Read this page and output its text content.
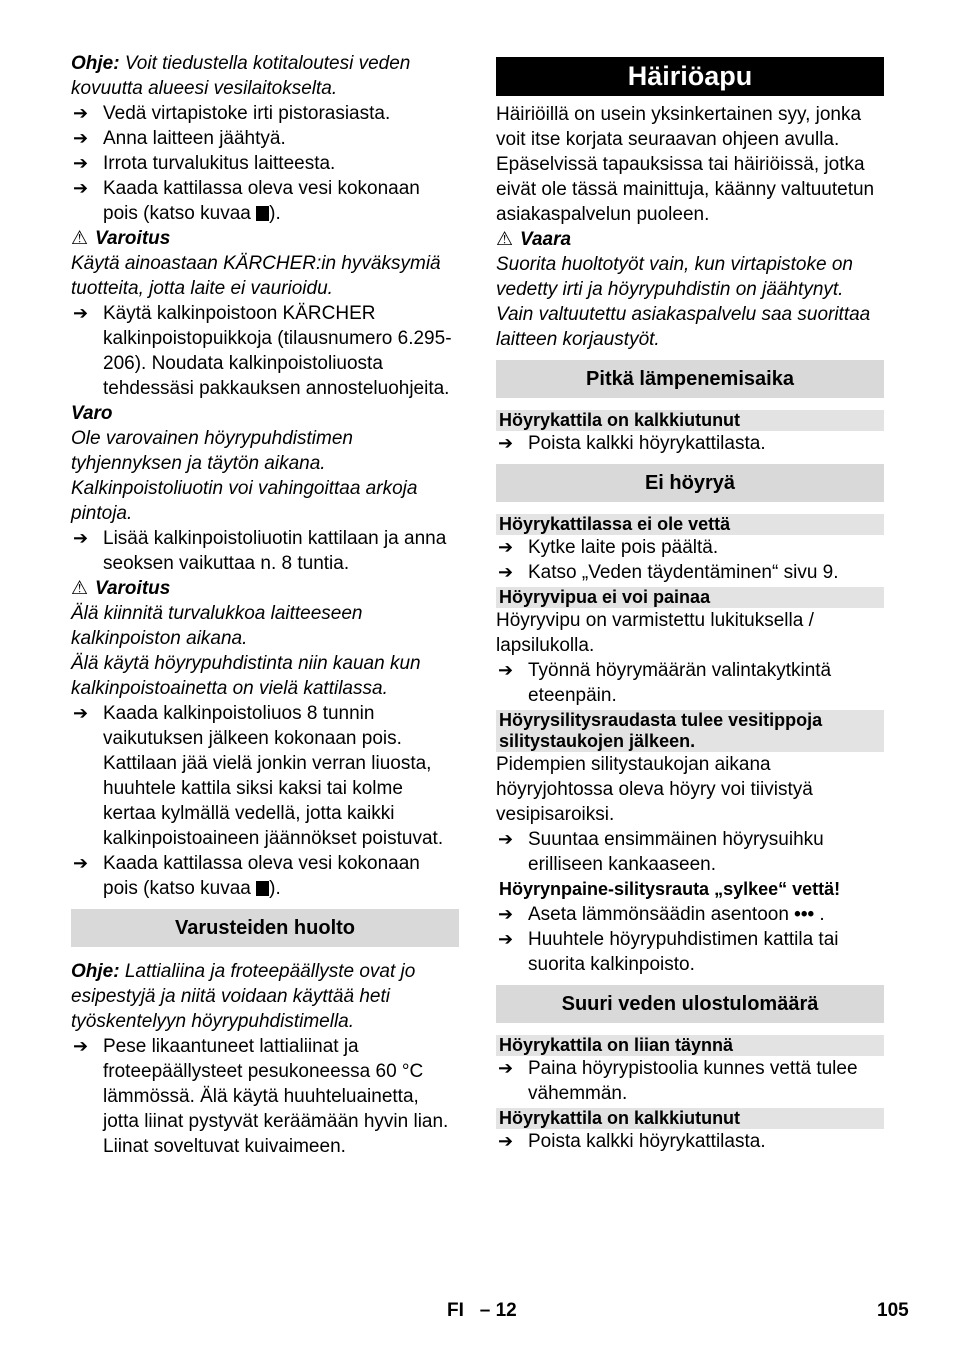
Ohje: Voit tiedustella kotitaloutesi veden kovuutta alueesi vesilaitokselta.

➔ Vedä virtapistoke irti pistorasiasta.
➔ Anna laitteen jäähtyä.
➔ Irrota turvalukitus laitteesta.
➔ Kaada kattilassa oleva vesi kokonaan pois (katso kuvaa ).

⚠ Varoitus

Käytä ainoastaan KÄRCHER:in hyväksymiä tuotteita, jotta laite ei vaurioidu.

➔ Käytä kalkinpoistoon KÄRCHER kalkinpoistopuikkoja (tilausnumero 6.295-206). Noudata kalkinpoistoliuosta tehdessäsi pakkauksen annosteluohjeita.

Varo

Ole varovainen höyrypuhdistimen tyhjennyksen ja täytön aikana. Kalkinpoistoliuotin voi vahingoittaa arkoja pintoja.

➔ Lisää kalkinpoistoliuotin kattilaan ja anna seoksen vaikuttaa n. 8 tuntia.

⚠ Varoitus

Älä kiinnitä turvalukkoa laitteeseen kalkinpoiston aikana.

Älä käytä höyrypuhdistinta niin kauan kun kalkinpoistoainetta on vielä kattilassa.

➔ Kaada kalkinpoistoliuos 8 tunnin vaikutuksen jälkeen kokonaan pois. Kattilaan jää vielä jonkin verran liuosta, huuhtele kattila siksi kaksi tai kolme kertaa kylmällä vedellä, jotta kaikki kalkinpoistoaineen jäännökset poistuvat.
➔ Kaada kattilassa oleva vesi kokonaan pois (katso kuvaa ).
Varusteiden huolto

Ohje: Lattialiina ja froteepäällyste ovat jo esipestyjä ja niitä voidaan käyttää heti työskentelyyn höyrypuhdistimella.

➔ Pese likaantuneet lattialiinat ja froteepäällysteet pesukoneessa 60 °C lämmössä. Älä käytä huuhteluainetta, jotta liinat pystyvät keräämään hyvin lian. Liinat soveltuvat kuivaimeen.
Häiriöapu

Häiriöillä on usein yksinkertainen syy, jonka voit itse korjata seuraavan ohjeen avulla. Epäselvissä tapauksissa tai häiriöissä, jotka eivät ole tässä mainittuja, käänny valtuutetun asiakaspalvelun puoleen.

⚠ Vaara

Suorita huoltotyöt vain, kun virtapistoke on vedetty irti ja höyrypuhdistin on jäähtynyt. Vain valtuutettu asiakaspalvelu saa suorittaa laitteen korjaustyöt.

Pitkä lämpenemisaika
Höyrykattila on kalkkiutunut
➔ Poista kalkki höyrykattilasta.
Ei höyryä
Höyrykattilassa ei ole vettä
➔ Kytke laite pois päältä.
➔ Katso „Veden täydentäminen“ sivu 9.
Höyryvipua ei voi painaa

Höyryvipu on varmistettu lukituksella / lapsilukolla.

➔ Työnnä höyrymäärän valintakytkintä eteenpäin.
Höyrysilitysraudasta tulee vesitippoja silitystaukojen jälkeen.

Pidempien silitystaukojan aikana höyryjohtossa oleva höyry voi tiivistyä vesipisaroiksi.

➔ Suuntaa ensimmäinen höyrysuihku erilliseen kankaaseen.
Höyrynpaine-silitysrauta „sylkee“ vettä!
➔ Aseta lämmönsäädin asentoon ••• .
➔ Huuhtele höyrypuhdistimen kattila tai suorita kalkinpoisto.
Suuri veden ulostulomäärä
Höyrykattila on liian täynnä
➔ Paina höyrypistoolia kunnes vettä tulee vähemmän.
Höyrykattila on kalkkiutunut
➔ Poista kalkki höyrykattilasta.
FI   – 12	105
